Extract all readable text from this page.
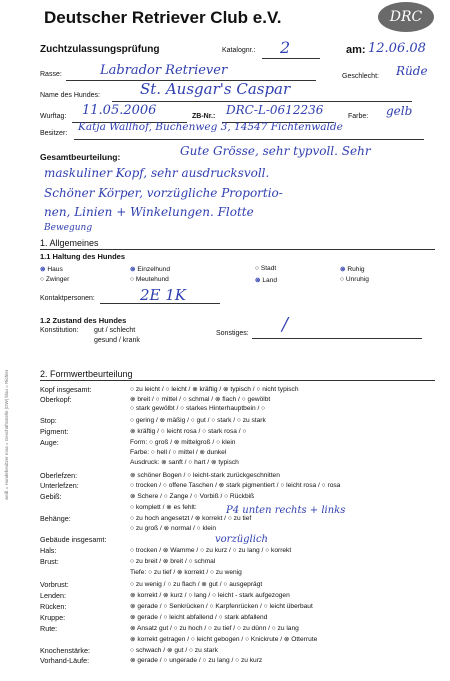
Deutscher Retriever Club e.V.	DRC
Zuchtzulassungsprüfung	Katalognr.: 2	am: 12.06.08
Rasse:	Labrador Retriever	Geschlecht: Rüde
Name des Hundes:	St. Ausgar's Caspar
Wurftag: 11.05.2006	ZB-Nr.: DRC-L-0612236	Farbe: gelb
Besitzer:
Katja Wallhof, Buchenweg 3, 14547 Fichtenwalde
Gesamtbeurteilung:	Gute Grösse, sehr typvoll. Sehr
maskuliner Kopf, sehr ausdrucksvoll.
Schöner Körper, vorzügliche Proportio-
nen, Linien + Winkelungen. Flotte
Bewegung
1. Allgemeines
1.1 Haltung des Hundes
⊗ Haus	⊗ Einzelhund	○ Stadt	⊗ Ruhig
○ Zwinger	○ Meutehund	⊗ Land	○ Unruhig
Kontaktpersonen:	2E 1K
1.2 Zustand des Hundes
Konstitution: gut / schlecht
gesund / krank
Sonstiges: /
2. Formwertbeurteilung
Kopf insgesamt:	○ zu leicht / ○ leicht / ⊗ kräftig / ⊗ typisch / ○ nicht typisch
Oberkopf:	⊗ breit / ○ mittel / ○ schmal / ⊗ flach / ○ gewölbt
○ stark gewölbt / ○ starkes Hinterhauptbein / ○
Stop:	○ gering / ⊗ mäßig / ○ gut / ○ stark / ○ zu stark
Pigment:	⊗ kräftig / ○ leicht rosa / ○ stark rosa / ○
Auge:	Form: ○ groß / ⊗ mittelgroß / ○ klein
Farbe: ○ hell / ○ mittel / ⊗ dunkel
Ausdruck: ⊗ sanft / ○ hart / ⊗ typisch
Oberlefzen:	⊗ schöner Bogen / ○ leicht-stark zurückgeschnitten
Unterlefzen:	○ trocken / ○ offene Taschen / ⊗ stark pigmentiert / ○ leicht rosa / ○ rosa
Gebiß:	⊗ Schere / ○ Zange / ○ Vorbiß / ○ Rückbiß
○ komplett / ⊗ es fehlt:
Behänge:	○ zu hoch angesetzt / ⊗ korrekt / ○ zu tief
○ zu groß / ⊗ normal / ○ klein
Gebäude insgesamt:
Hals:	○ trocken / ⊗ Wamme / ○ zu kurz / ○ zu lang / ○ korrekt
Brust:	○ zu breit / ⊗ breit / ○ schmal
Tiefe: ○ zu tief / ⊗ korrekt / ○ zu wenig
Vorbrust:	○ zu wenig / ○ zu flach / ⊗ gut / ○ ausgeprägt
Lenden:	⊗ korrekt / ⊗ kurz / ○ lang / ○ leicht - stark aufgezogen
Rücken:	⊗ gerade / ○ Senkrücken / ○ Karpfenrücken / ○ leicht überbaut
Kruppe:	⊗ gerade / ○ leicht abfallend / ○ stark abfallend
Rute:	⊗ Ansatz gut / ○ zu hoch / ○ zu tief / ○ zu dünn / ○ zu lang
⊗ korrekt getragen / ○ leicht gebogen / ○ Knickrute / ⊗ Otterrute
Knochenstärke:	○ schwach / ⊗ gut / ○ zu stark
Vorhand-Läufe:	⊗ gerade / ○ ungerade / ○ zu lang / ○ zu kurz
P4 unten rechts + links
vorzüglich
weiß = Hundebesitzer rosa = Geschäftsstelle (DW) blau = Richter
